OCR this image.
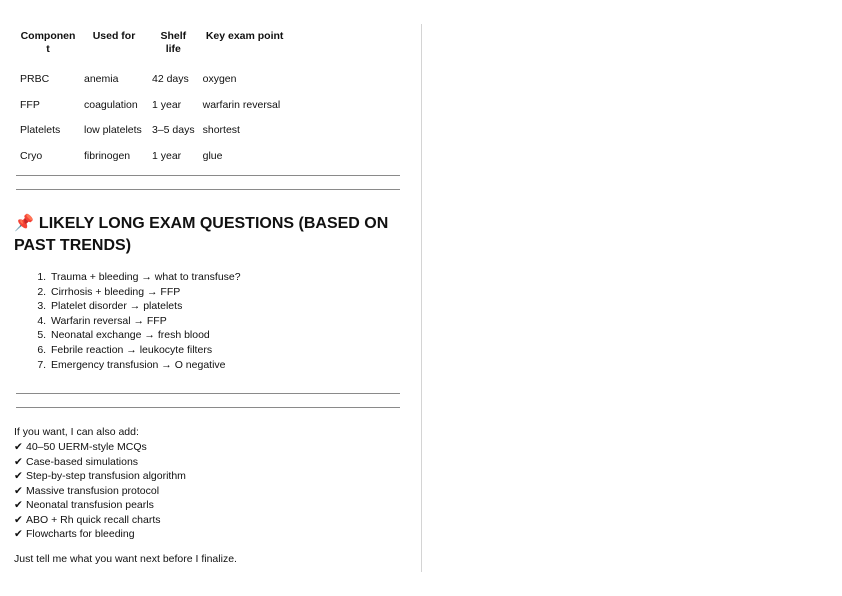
Componen t	Used for	Shelf life	Key exam point
PRBC	anemia	42 days	oxygen
FFP	coagulation	1 year	warfarin reversal
Platelets	low platelets	3–5 days	shortest
Cryo	fibrinogen	1 year	glue
📌 LIKELY LONG EXAM QUESTIONS (BASED ON PAST TRENDS)
1. Trauma + bleeding → what to transfuse?
2. Cirrhosis + bleeding → FFP
3. Platelet disorder → platelets
4. Warfarin reversal → FFP
5. Neonatal exchange → fresh blood
6. Febrile reaction → leukocyte filters
7. Emergency transfusion → O negative
If you want, I can also add:
✔ 40–50 UERM-style MCQs
✔ Case-based simulations
✔ Step-by-step transfusion algorithm
✔ Massive transfusion protocol
✔ Neonatal transfusion pearls
✔ ABO + Rh quick recall charts
✔ Flowcharts for bleeding
Just tell me what you want next before I finalize.
